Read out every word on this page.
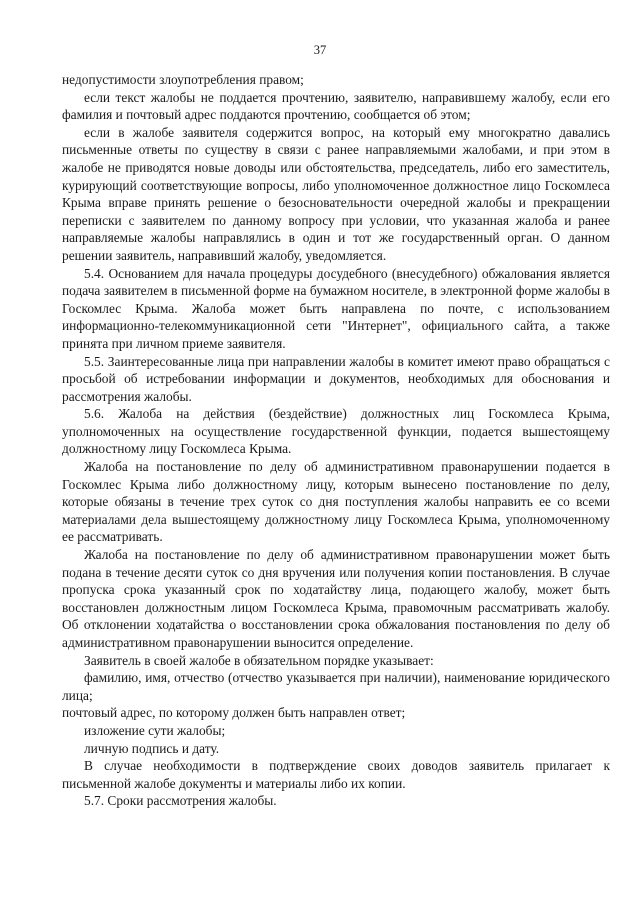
37

недопустимости злоупотребления правом;

если текст жалобы не поддается прочтению, заявителю, направившему жалобу, если его фамилия и почтовый адрес поддаются прочтению, сообщается об этом;

если в жалобе заявителя содержится вопрос, на который ему многократно давались письменные ответы по существу в связи с ранее направляемыми жалобами, и при этом в жалобе не приводятся новые доводы или обстоятельства, председатель, либо его заместитель, курирующий соответствующие вопросы, либо уполномоченное должностное лицо Госкомлеса Крыма вправе принять решение о безосновательности очередной жалобы и прекращении переписки с заявителем по данному вопросу при условии, что указанная жалоба и ранее направляемые жалобы направлялись в один и тот же государственный орган. О данном решении заявитель, направивший жалобу, уведомляется.

5.4. Основанием для начала процедуры досудебного (внесудебного) обжалования является подача заявителем в письменной форме на бумажном носителе, в электронной форме жалобы в Госкомлес Крыма. Жалоба может быть направлена по почте, с использованием информационно-телекоммуникационной сети "Интернет", официального сайта, а также принята при личном приеме заявителя.

5.5. Заинтересованные лица при направлении жалобы в комитет имеют право обращаться с просьбой об истребовании информации и документов, необходимых для обоснования и рассмотрения жалобы.

5.6. Жалоба на действия (бездействие) должностных лиц Госкомлеса Крыма, уполномоченных на осуществление государственной функции, подается вышестоящему должностному лицу Госкомлеса Крыма.

Жалоба на постановление по делу об административном правонарушении подается в Госкомлес Крыма либо должностному лицу, которым вынесено постановление по делу, которые обязаны в течение трех суток со дня поступления жалобы направить ее со всеми материалами дела вышестоящему должностному лицу Госкомлеса Крыма, уполномоченному ее рассматривать.

Жалоба на постановление по делу об административном правонарушении может быть подана в течение десяти суток со дня вручения или получения копии постановления. В случае пропуска срока указанный срок по ходатайству лица, подающего жалобу, может быть восстановлен должностным лицом Госкомлеса Крыма, правомочным рассматривать жалобу. Об отклонении ходатайства о восстановлении срока обжалования постановления по делу об административном правонарушении выносится определение.

Заявитель в своей жалобе в обязательном порядке указывает:

фамилию, имя, отчество (отчество указывается при наличии), наименование юридического лица;

почтовый адрес, по которому должен быть направлен ответ;

изложение сути жалобы;

личную подпись и дату.

В случае необходимости в подтверждение своих доводов заявитель прилагает к письменной жалобе документы и материалы либо их копии.

5.7. Сроки рассмотрения жалобы.
